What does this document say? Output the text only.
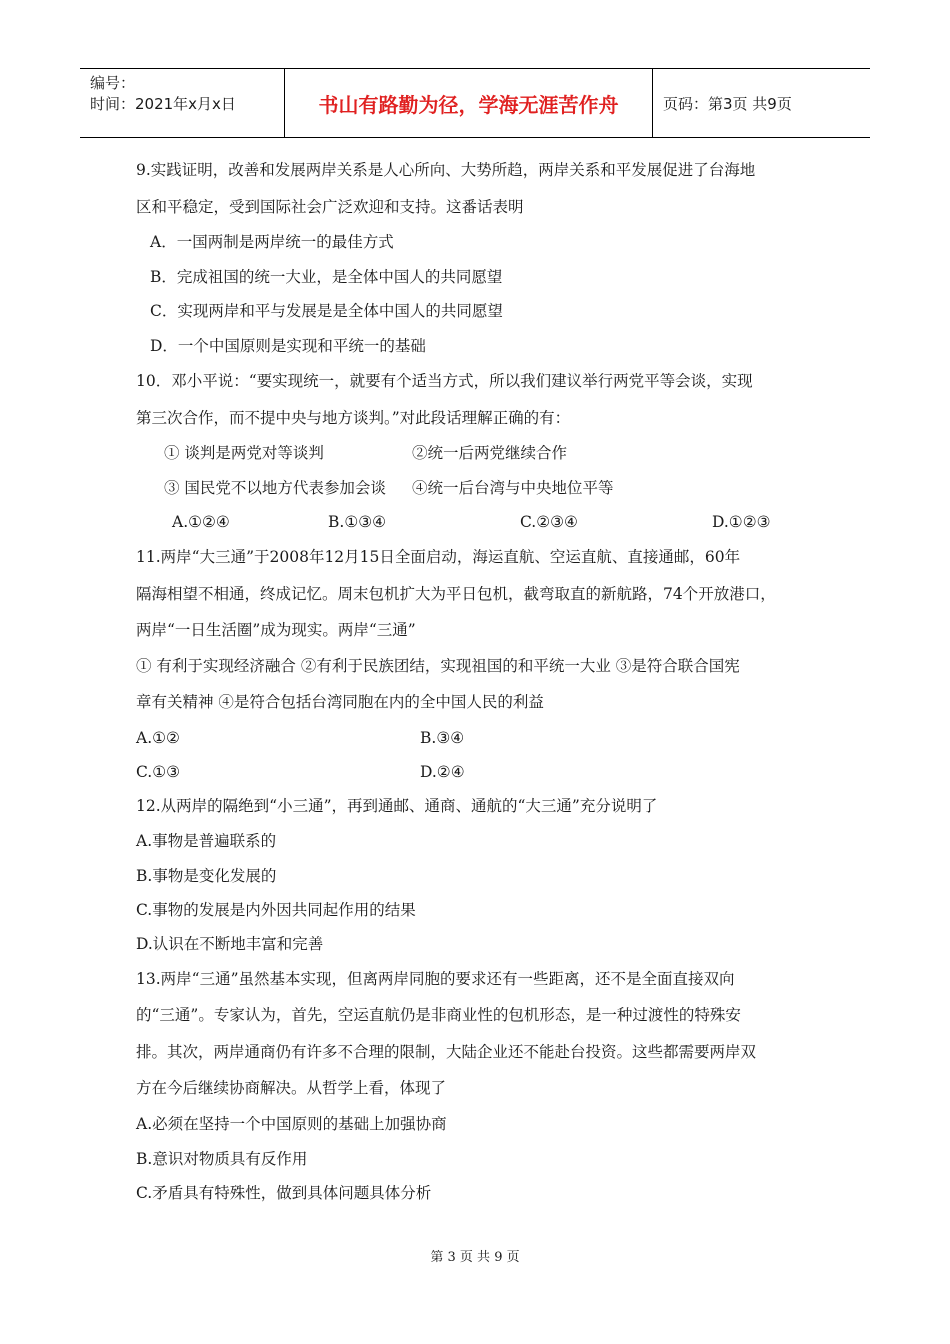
编号：
时间：2021年x月x日	书山有路勤为径，学海无涯苦作舟	页码：第3页 共9页
9.实践证明，改善和发展两岸关系是人心所向、大势所趋，两岸关系和平发展促进了台海地
区和平稳定，受到国际社会广泛欢迎和支持。这番话表明
A．一国两制是两岸统一的最佳方式
B．完成祖国的统一大业，是全体中国人的共同愿望
C．实现两岸和平与发展是是全体中国人的共同愿望
D．一个中国原则是实现和平统一的基础
10．邓小平说：“要实现统一，就要有个适当方式，所以我们建议举行两党平等会谈，实现
第三次合作，而不提中央与地方谈判。”对此段话理解正确的有：
① 谈判是两党对等谈判	②统一后两党继续合作
③ 国民党不以地方代表参加会谈 ④统一后台湾与中央地位平等
A.①②④	B.①③④	C.②③④	D.①②③
11.两岸“大三通”于2008年12月15日全面启动，海运直航、空运直航、直接通邮，60年
隔海相望不相通，终成记忆。周末包机扩大为平日包机，截弯取直的新航路，74个开放港口，
两岸“一日生活圈”成为现实。两岸“三通”
① 有利于实现经济融合 ②有利于民族团结，实现祖国的和平统一大业 ③是符合联合国宪
章有关精神 ④是符合包括台湾同胞在内的全中国人民的利益
A.①②	B.③④
C.①③	D.②④
12.从两岸的隔绝到“小三通”，再到通邮、通商、通航的“大三通”充分说明了
A.事物是普遍联系的
B.事物是变化发展的
C.事物的发展是内外因共同起作用的结果
D.认识在不断地丰富和完善
13.两岸“三通”虽然基本实现，但离两岸同胞的要求还有一些距离，还不是全面直接双向
的“三通”。专家认为，首先，空运直航仍是非商业性的包机形态，是一种过渡性的特殊安
排。其次，两岸通商仍有许多不合理的限制，大陆企业还不能赴台投资。这些都需要两岸双
方在今后继续协商解决。从哲学上看，体现了
A.必须在坚持一个中国原则的基础上加强协商
B.意识对物质具有反作用
C.矛盾具有特殊性，做到具体问题具体分析
第 3 页 共 9 页
